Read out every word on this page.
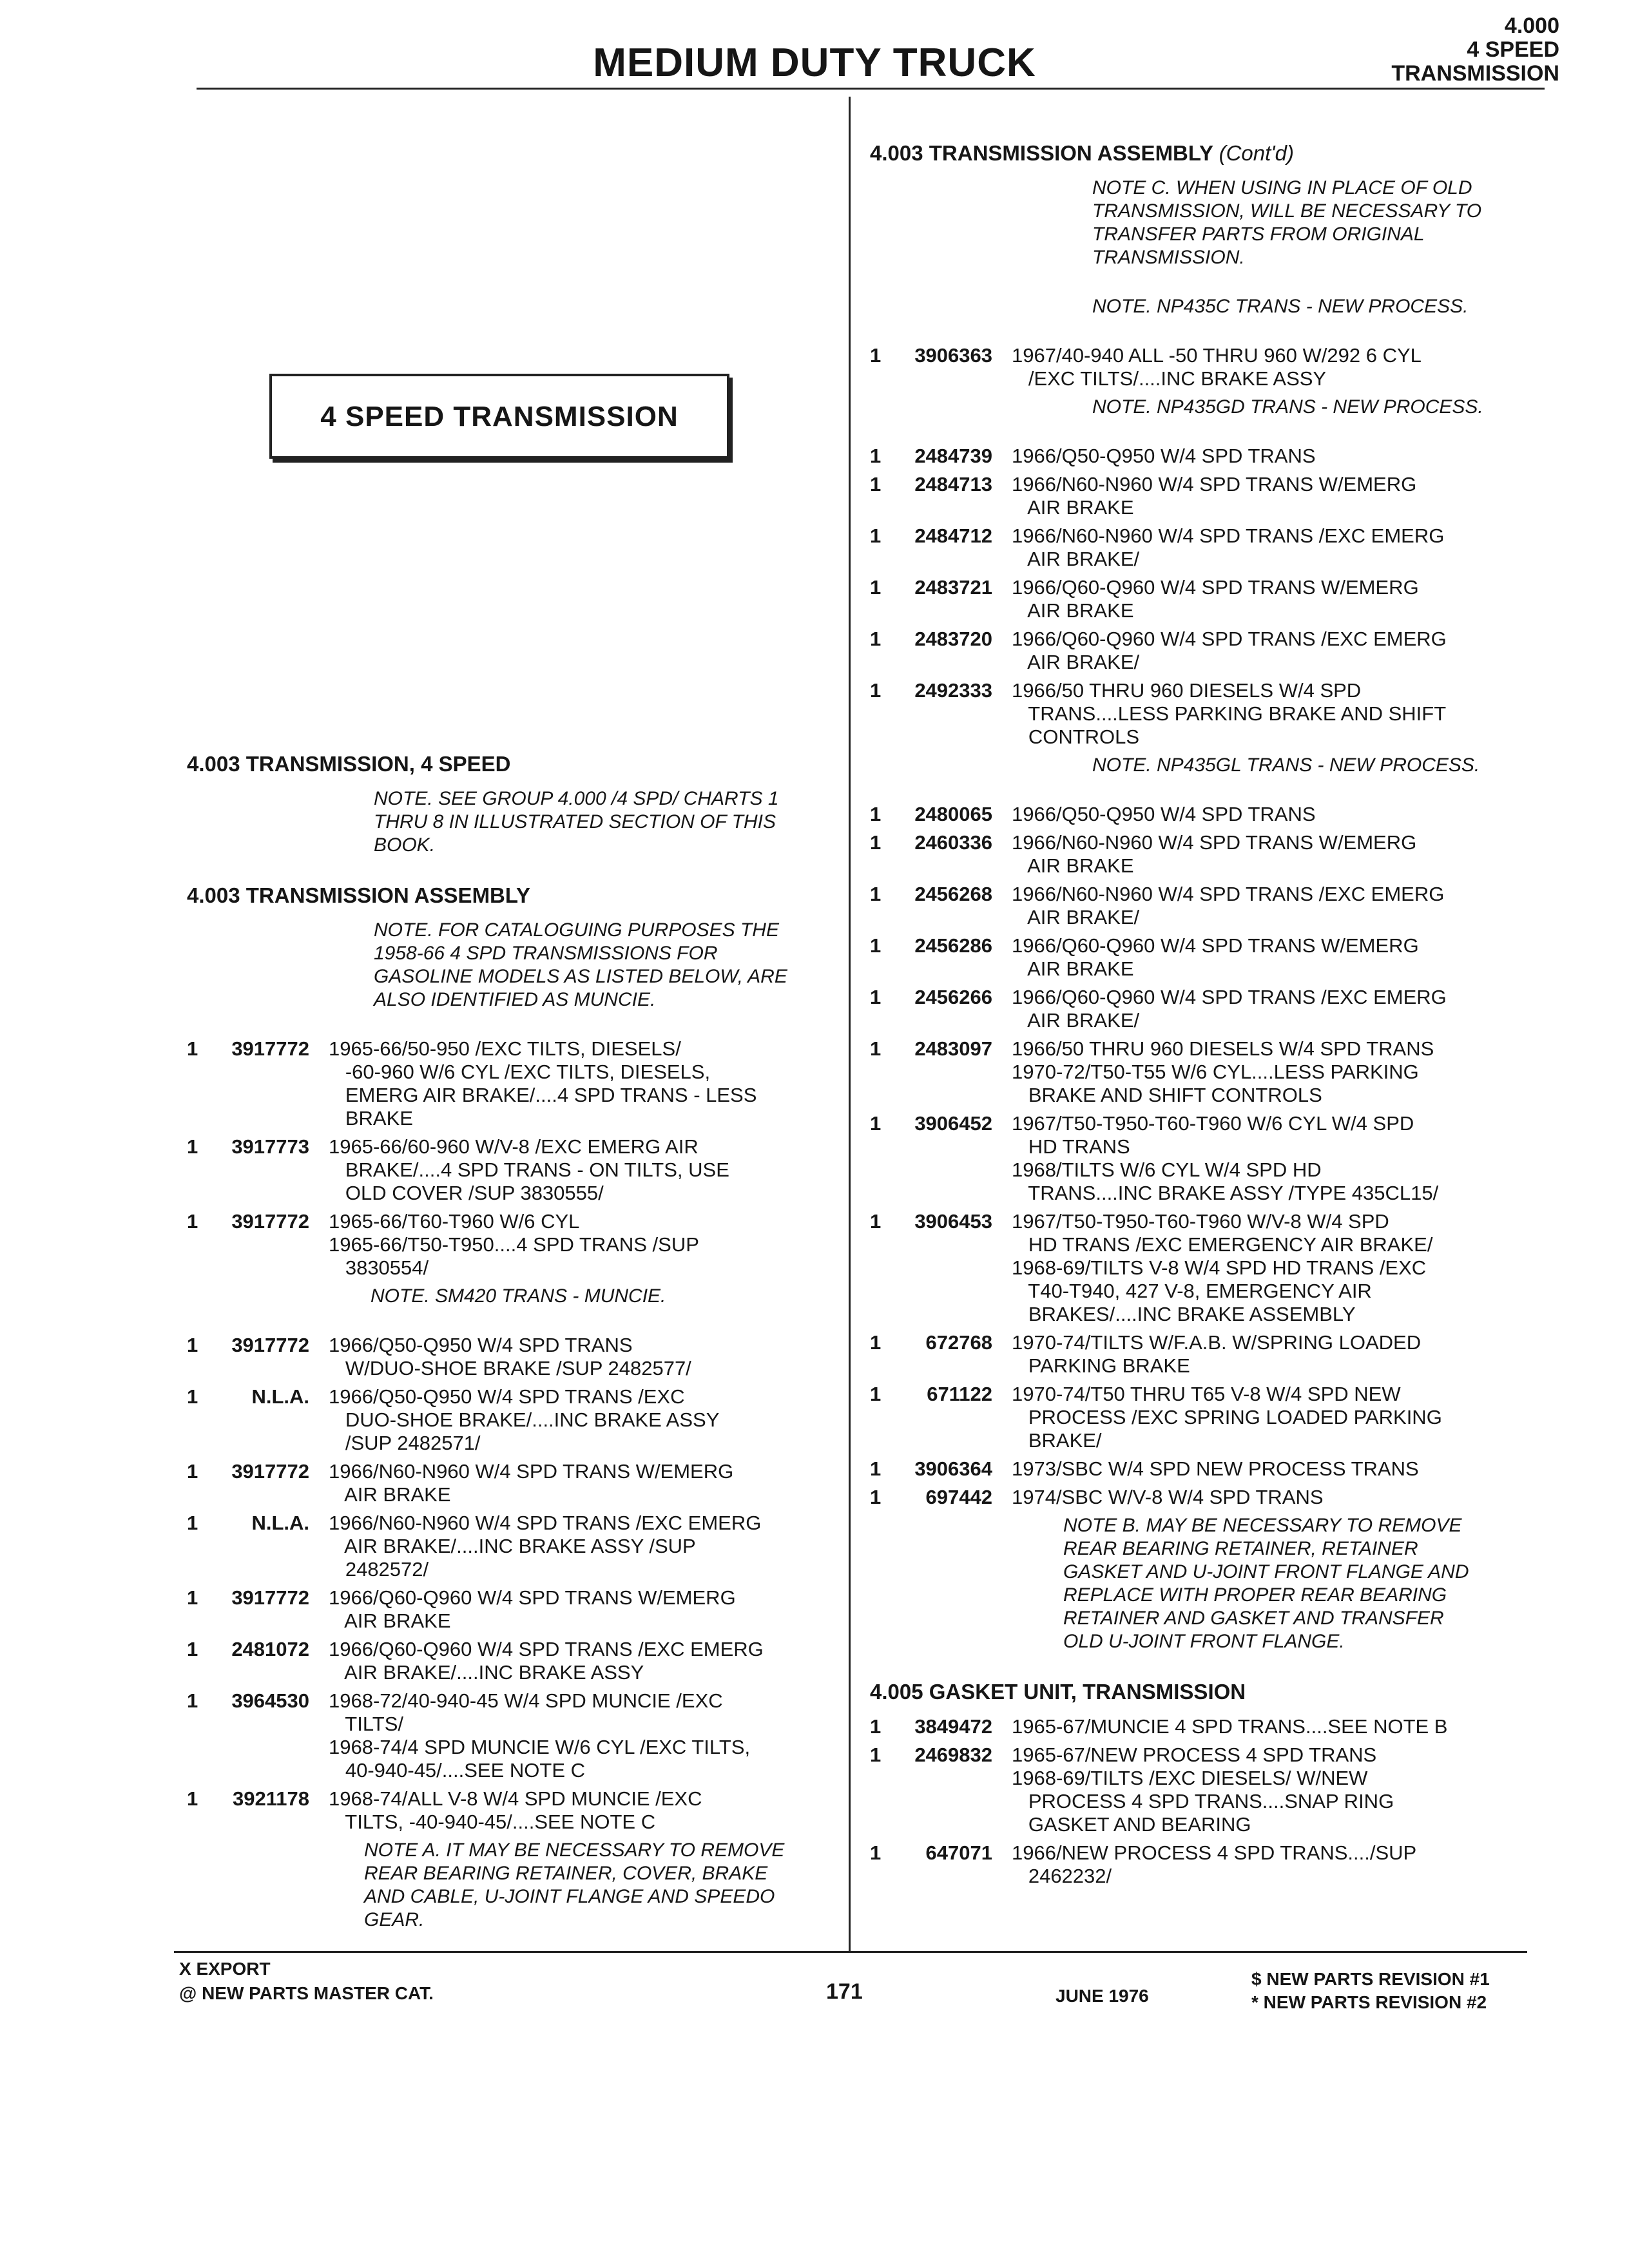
MEDIUM DUTY TRUCK
4.000
4 SPEED
TRANSMISSION
4 SPEED TRANSMISSION
4.003 TRANSMISSION, 4 SPEED
NOTE. SEE GROUP 4.000 /4 SPD/ CHARTS 1
THRU 8 IN ILLUSTRATED SECTION OF THIS
BOOK.
4.003 TRANSMISSION ASSEMBLY
NOTE. FOR CATALOGUING PURPOSES THE
1958-66 4 SPD TRANSMISSIONS FOR
GASOLINE MODELS AS LISTED BELOW, ARE
ALSO IDENTIFIED AS MUNCIE.
1	3917772 1965-66/50-950 /EXC TILTS, DIESELS/
-60-960 W/6 CYL /EXC TILTS, DIESELS,
EMERG AIR BRAKE/....4 SPD TRANS - LESS
BRAKE
1	3917773 1965-66/60-960 W/V-8 /EXC EMERG AIR
BRAKE/....4 SPD TRANS - ON TILTS, USE
OLD COVER /SUP 3830555/
1	3917772 1965-66/T60-T960 W/6 CYL
1965-66/T50-T950....4 SPD TRANS /SUP
3830554/
NOTE. SM420 TRANS - MUNCIE.
1	3917772 1966/Q50-Q950 W/4 SPD TRANS
W/DUO-SHOE BRAKE /SUP 2482577/
1	N.L.A. 1966/Q50-Q950 W/4 SPD TRANS /EXC
DUO-SHOE BRAKE/....INC BRAKE ASSY
/SUP 2482571/
1	3917772 1966/N60-N960 W/4 SPD TRANS W/EMERG
AIR BRAKE
1	N.L.A. 1966/N60-N960 W/4 SPD TRANS /EXC EMERG
AIR BRAKE/....INC BRAKE ASSY /SUP
2482572/
1	3917772 1966/Q60-Q960 W/4 SPD TRANS W/EMERG
AIR BRAKE
1	2481072 1966/Q60-Q960 W/4 SPD TRANS /EXC EMERG
AIR BRAKE/....INC BRAKE ASSY
1	3964530 1968-72/40-940-45 W/4 SPD MUNCIE /EXC
TILTS/
1968-74/4 SPD MUNCIE W/6 CYL /EXC TILTS,
40-940-45/....SEE NOTE C
1	3921178 1968-74/ALL V-8 W/4 SPD MUNCIE /EXC
TILTS, -40-940-45/....SEE NOTE C
NOTE A. IT MAY BE NECESSARY TO REMOVE
REAR BEARING RETAINER, COVER, BRAKE
AND CABLE, U-JOINT FLANGE AND SPEEDO
GEAR.
4.003 TRANSMISSION ASSEMBLY (Cont'd)
NOTE C. WHEN USING IN PLACE OF OLD
TRANSMISSION, WILL BE NECESSARY TO
TRANSFER PARTS FROM ORIGINAL
TRANSMISSION.
NOTE. NP435C TRANS - NEW PROCESS.
1	3906363 1967/40-940 ALL -50 THRU 960 W/292 6 CYL
/EXC TILTS/....INC BRAKE ASSY
NOTE. NP435GD TRANS - NEW PROCESS.
1	2484739 1966/Q50-Q950 W/4 SPD TRANS
1	2484713 1966/N60-N960 W/4 SPD TRANS W/EMERG
AIR BRAKE
1	2484712 1966/N60-N960 W/4 SPD TRANS /EXC EMERG
AIR BRAKE/
1	2483721 1966/Q60-Q960 W/4 SPD TRANS W/EMERG
AIR BRAKE
1	2483720 1966/Q60-Q960 W/4 SPD TRANS /EXC EMERG
AIR BRAKE/
1	2492333 1966/50 THRU 960 DIESELS W/4 SPD
TRANS....LESS PARKING BRAKE AND SHIFT
CONTROLS
NOTE. NP435GL TRANS - NEW PROCESS.
1	2480065 1966/Q50-Q950 W/4 SPD TRANS
1	2460336 1966/N60-N960 W/4 SPD TRANS W/EMERG
AIR BRAKE
1	2456268 1966/N60-N960 W/4 SPD TRANS /EXC EMERG
AIR BRAKE/
1	2456286 1966/Q60-Q960 W/4 SPD TRANS W/EMERG
AIR BRAKE
1	2456266 1966/Q60-Q960 W/4 SPD TRANS /EXC EMERG
AIR BRAKE/
1	2483097 1966/50 THRU 960 DIESELS W/4 SPD TRANS
1970-72/T50-T55 W/6 CYL....LESS PARKING
BRAKE AND SHIFT CONTROLS
1	3906452 1967/T50-T950-T60-T960 W/6 CYL W/4 SPD
HD TRANS
1968/TILTS W/6 CYL W/4 SPD HD
TRANS....INC BRAKE ASSY /TYPE 435CL15/
1	3906453 1967/T50-T950-T60-T960 W/V-8 W/4 SPD
HD TRANS /EXC EMERGENCY AIR BRAKE/
1968-69/TILTS V-8 W/4 SPD HD TRANS /EXC
T40-T940, 427 V-8, EMERGENCY AIR
BRAKES/....INC BRAKE ASSEMBLY
1	672768 1970-74/TILTS W/F.A.B. W/SPRING LOADED
PARKING BRAKE
1	671122 1970-74/T50 THRU T65 V-8 W/4 SPD NEW
PROCESS /EXC SPRING LOADED PARKING
BRAKE/
1	3906364 1973/SBC W/4 SPD NEW PROCESS TRANS
1	697442 1974/SBC W/V-8 W/4 SPD TRANS
NOTE B. MAY BE NECESSARY TO REMOVE
REAR BEARING RETAINER, RETAINER
GASKET AND U-JOINT FRONT FLANGE AND
REPLACE WITH PROPER REAR BEARING
RETAINER AND GASKET AND TRANSFER
OLD U-JOINT FRONT FLANGE.
4.005 GASKET UNIT, TRANSMISSION
1	3849472 1965-67/MUNCIE 4 SPD TRANS....SEE NOTE B
1	2469832 1965-67/NEW PROCESS 4 SPD TRANS
1968-69/TILTS /EXC DIESELS/ W/NEW
PROCESS 4 SPD TRANS....SNAP RING
GASKET AND BEARING
1	647071 1966/NEW PROCESS 4 SPD TRANS..../SUP
2462232/
X EXPORT
@ NEW PARTS MASTER CAT.	171	JUNE 1976
$ NEW PARTS REVISION #1
* NEW PARTS REVISION #2
